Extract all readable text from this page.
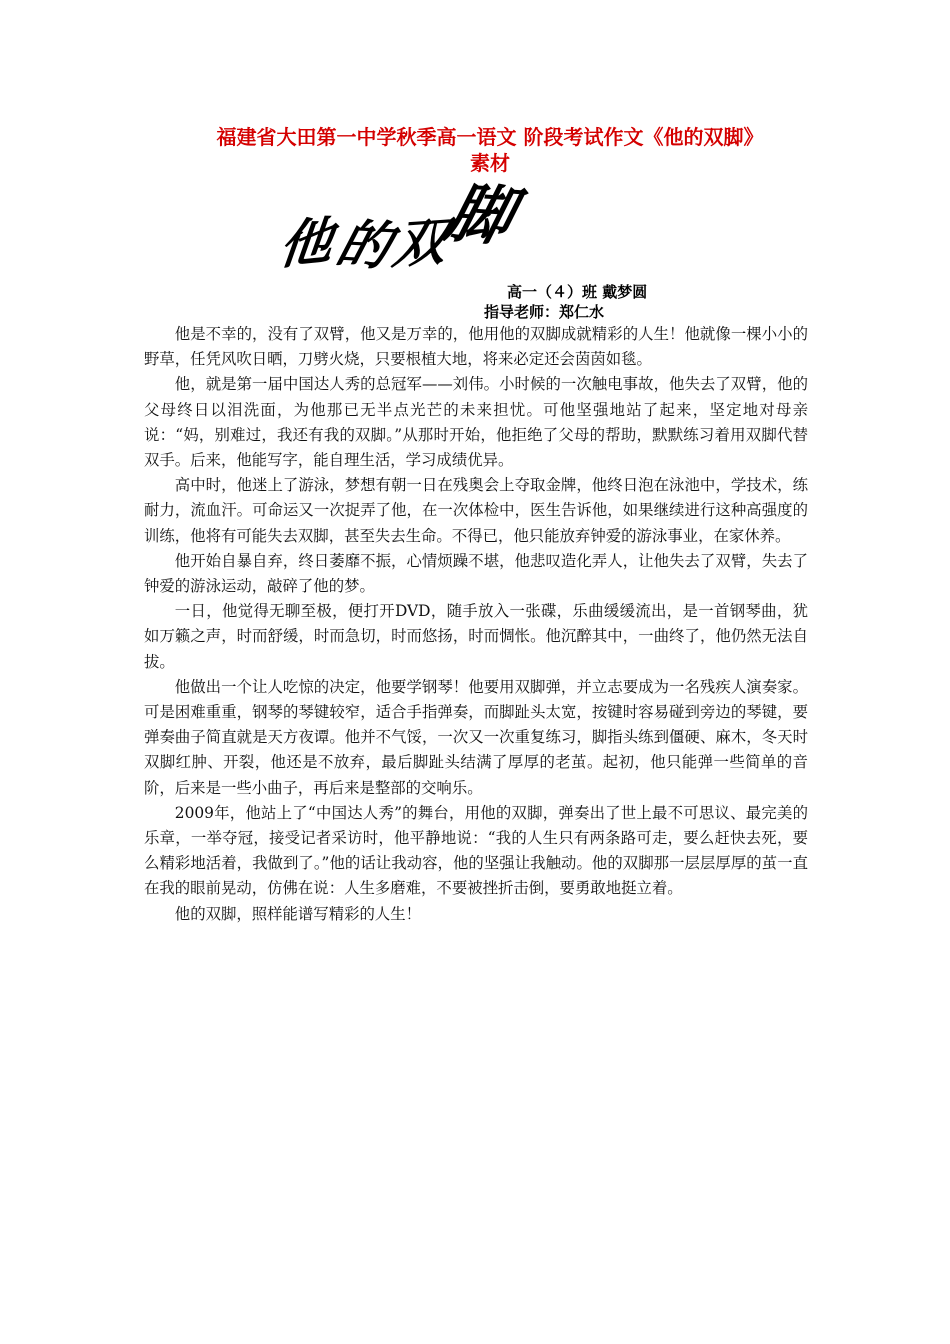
福建省大田第一中学秋季高一语文 阶段考试作文《他的双脚》
素材
他
的
双
脚
高一（４）班 戴梦圆
指导老师：郑仁水

他是不幸的，没有了双臂，他又是万幸的，他用他的双脚成就精彩的人生！他就像一棵小小的野草，任凭风吹日晒，刀劈火烧，只要根植大地，将来必定还会茵茵如毯。

他，就是第一届中国达人秀的总冠军——刘伟。小时候的一次触电事故，他失去了双臂，他的父母终日以泪洗面，为他那已无半点光芒的未来担忧。可他坚强地站了起来，坚定地对母亲说：“妈，别难过，我还有我的双脚。”从那时开始，他拒绝了父母的帮助，默默练习着用双脚代替双手。后来，他能写字，能自理生活，学习成绩优异。

高中时，他迷上了游泳，梦想有朝一日在残奥会上夺取金牌，他终日泡在泳池中，学技术，练耐力，流血汗。可命运又一次捉弄了他，在一次体检中，医生告诉他，如果继续进行这种高强度的训练，他将有可能失去双脚，甚至失去生命。不得已，他只能放弃钟爱的游泳事业，在家休养。

他开始自暴自弃，终日萎靡不振，心情烦躁不堪，他悲叹造化弄人，让他失去了双臂，失去了钟爱的游泳运动，敲碎了他的梦。

一日，他觉得无聊至极，便打开DVD，随手放入一张碟，乐曲缓缓流出，是一首钢琴曲，犹如万籁之声，时而舒缓，时而急切，时而悠扬，时而惆怅。他沉醉其中，一曲终了，他仍然无法自拔。

他做出一个让人吃惊的决定，他要学钢琴！他要用双脚弹，并立志要成为一名残疾人演奏家。可是困难重重，钢琴的琴键较窄，适合手指弹奏，而脚趾头太宽，按键时容易碰到旁边的琴键，要弹奏曲子简直就是天方夜谭。他并不气馁，一次又一次重复练习，脚指头练到僵硬、麻木，冬天时双脚红肿、开裂，他还是不放弃，最后脚趾头结满了厚厚的老茧。起初，他只能弹一些简单的音阶，后来是一些小曲子，再后来是整部的交响乐。

2009年，他站上了“中国达人秀”的舞台，用他的双脚，弹奏出了世上最不可思议、最完美的乐章，一举夺冠，接受记者采访时，他平静地说：“我的人生只有两条路可走，要么赶快去死，要么精彩地活着，我做到了。”他的话让我动容，他的坚强让我触动。他的双脚那一层层厚厚的茧一直在我的眼前晃动，仿佛在说：人生多磨难，不要被挫折击倒，要勇敢地挺立着。

他的双脚，照样能谱写精彩的人生！
